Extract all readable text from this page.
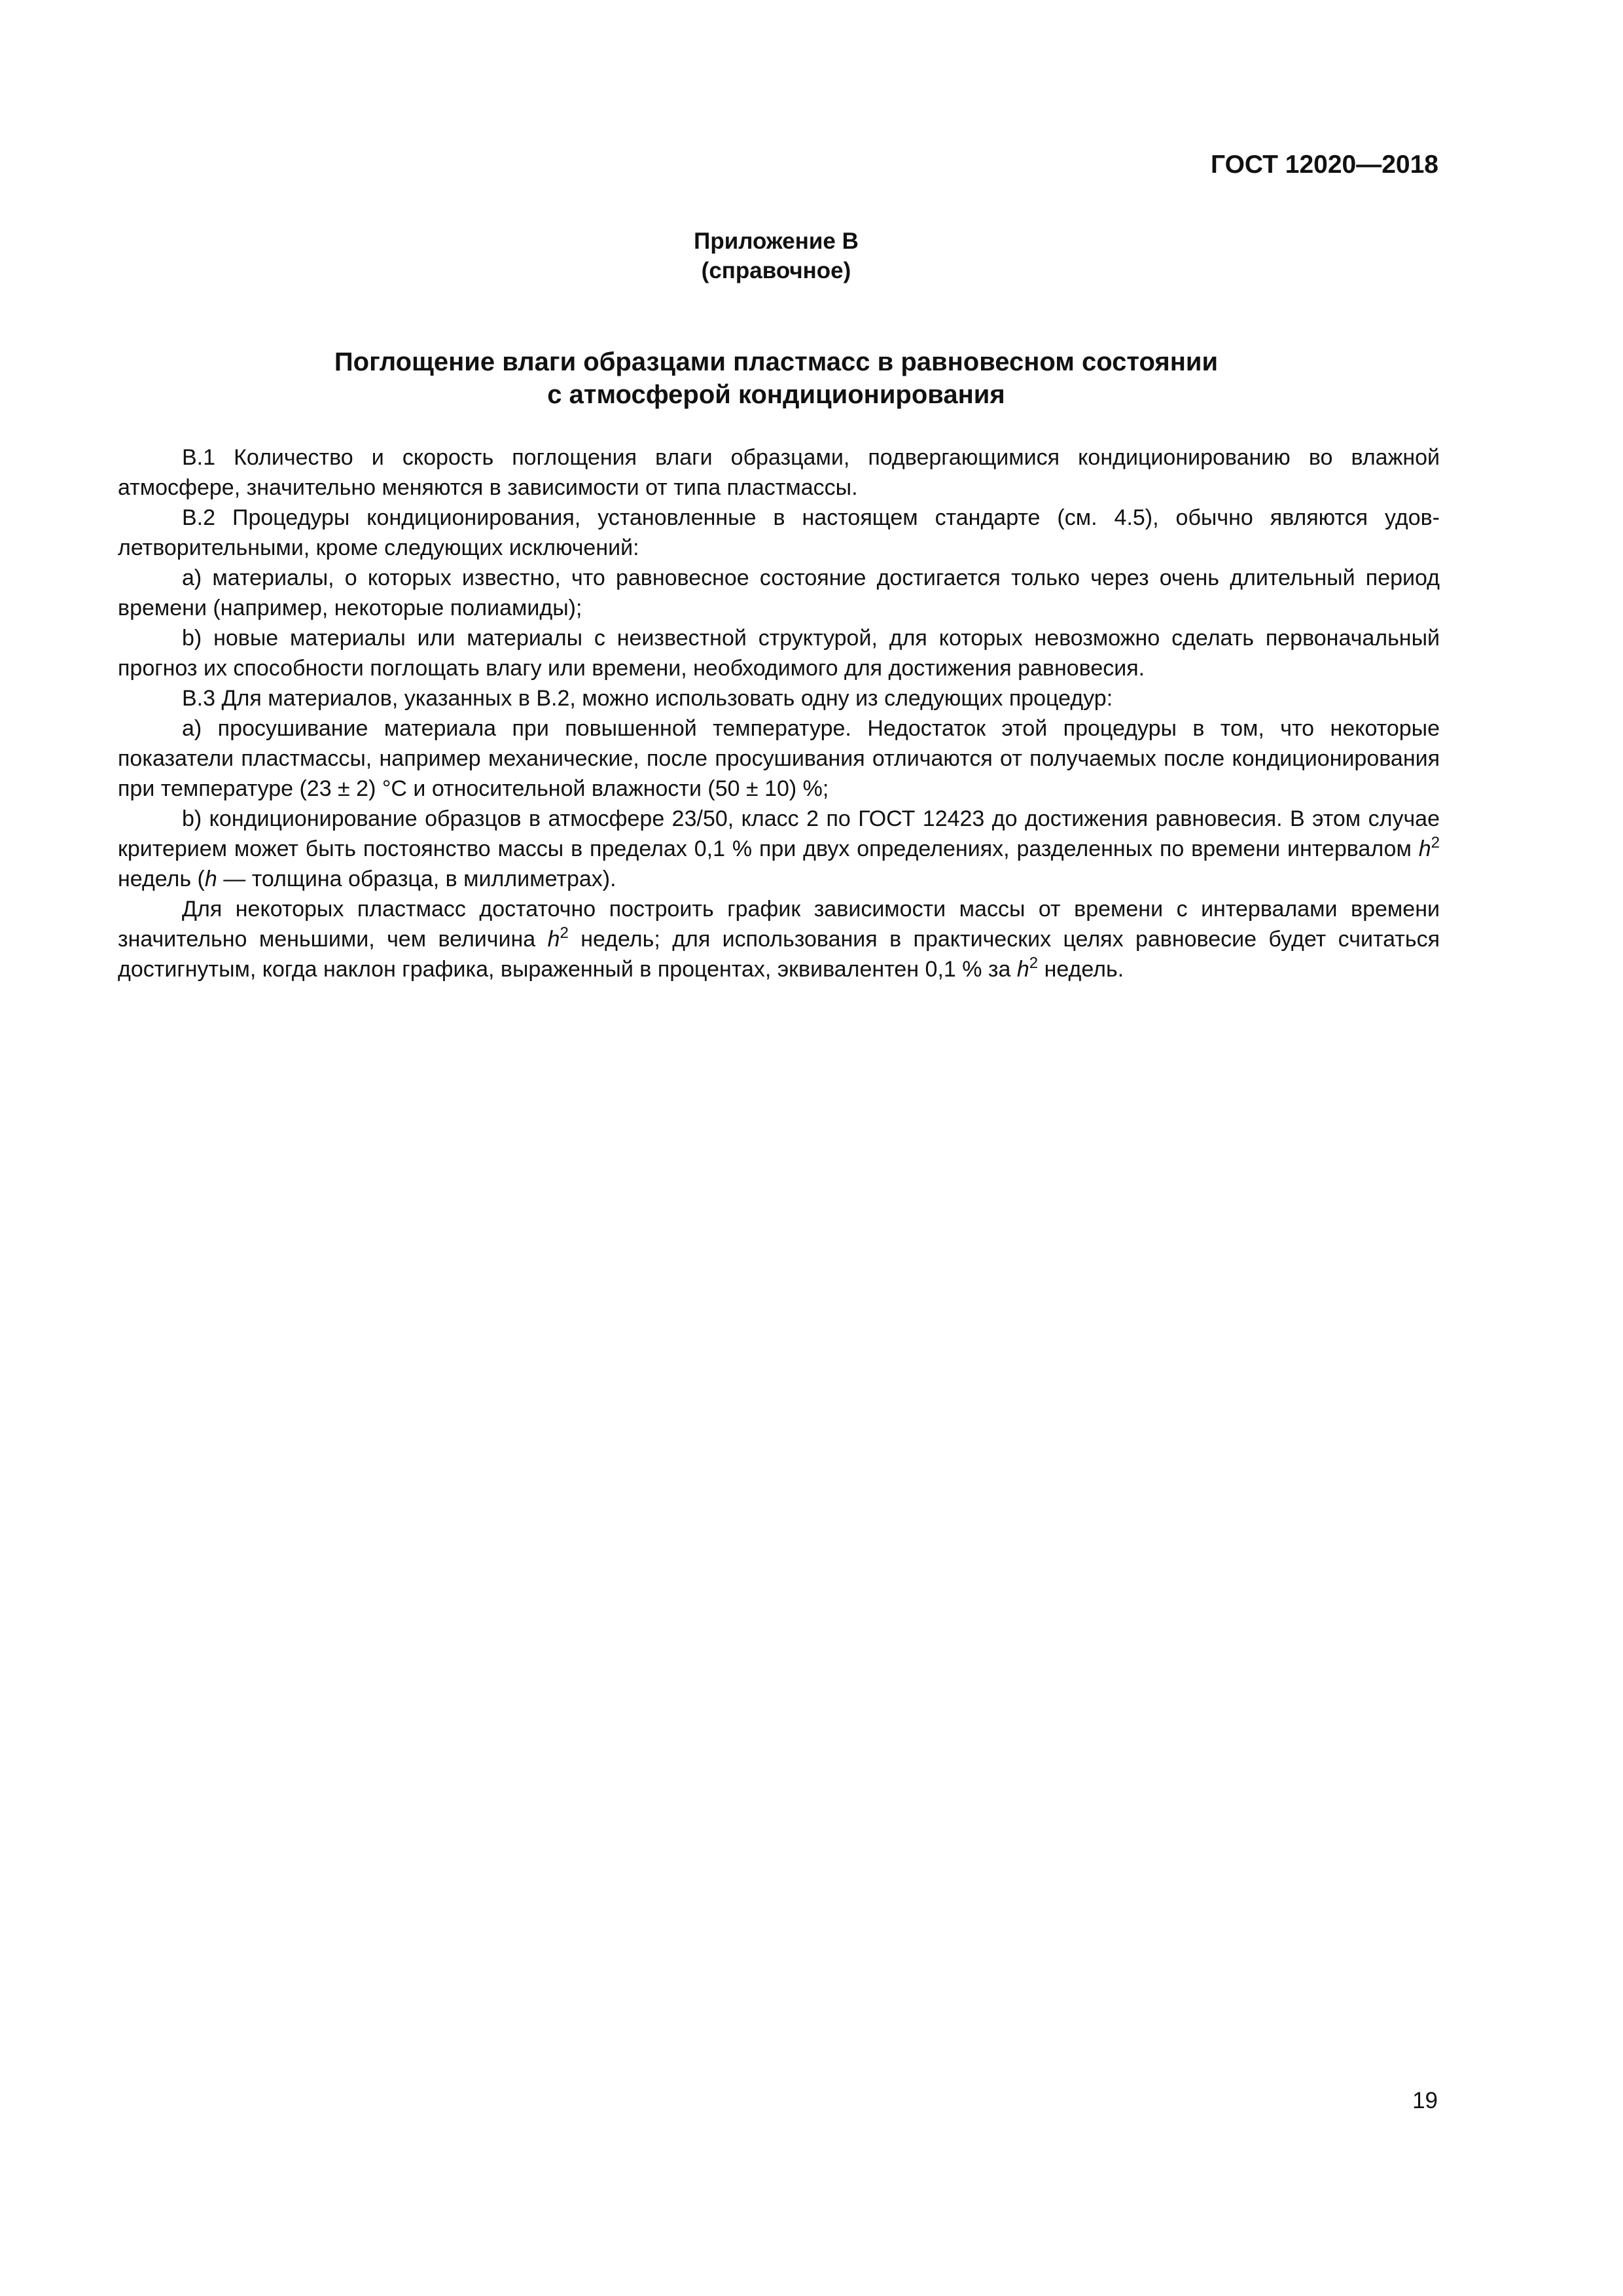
ГОСТ 12020—2018
Приложение В
(справочное)
Поглощение влаги образцами пластмасс в равновесном состоянии
с атмосферой кондиционирования

В.1 Количество и скорость поглощения влаги образцами, подвергающимися кондиционированию во влажной атмосфере, значительно меняются в зависимости от типа пластмассы.

В.2 Процедуры кондиционирования, установленные в настоящем стандарте (см. 4.5), обычно являются удовлетворительными, кроме следующих исключений:

а) материалы, о которых известно, что равновесное состояние достигается только через очень длительный период времени (например, некоторые полиамиды);

b) новые материалы или материалы с неизвестной структурой, для которых невозможно сделать первоначальный прогноз их способности поглощать влагу или времени, необходимого для достижения равновесия.

В.3 Для материалов, указанных в В.2, можно использовать одну из следующих процедур:

а) просушивание материала при повышенной температуре. Недостаток этой процедуры в том, что некоторые показатели пластмассы, например механические, после просушивания отличаются от получаемых после кондиционирования при температуре (23 ± 2) °С и относительной влажности (50 ± 10) %;

b) кондиционирование образцов в атмосфере 23/50, класс 2 по ГОСТ 12423 до достижения равновесия. В этом случае критерием может быть постоянство массы в пределах 0,1 % при двух определениях, разделенных по времени интервалом $h^2$ недель (h — толщина образца, в миллиметрах).

Для некоторых пластмасс достаточно построить график зависимости массы от времени с интервалами времени значительно меньшими, чем величина $h^2$ недель; для использования в практических целях равновесие будет считаться достигнутым, когда наклон графика, выраженный в процентах, эквивалентен 0,1 % за $h^2$ недель.

19
